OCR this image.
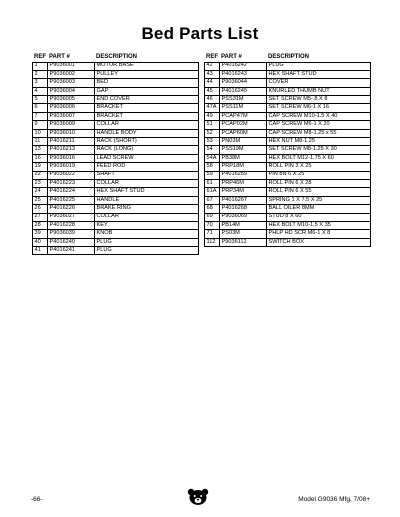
Bed Parts List
REF	PART #	DESCRIPTION
1	P9036001	MOTOR BASE
2	P9036002	PULLEY
3	P9036003	BED
4	P9036004	GAP
5	P9036005	END COVER
6	P9036006	BRACKET
7	P9036007	BRACKET
9	P9036009	COLLAR
10	P9036010	HANDLE BODY
11	P4016211	RACK (SHORT)
13	P4016213	RACK (LONG)
16	P9036016	LEAD SCREW
19	P9036019	FEED ROD
22	P9036022	SHAFT
23	P4016223	COLLAR
24	P4016224	HEX SHAFT STUD
25	P4016225	HANDLE
26	P4016226	BRAKE RING
27	P9036027	COLLAR
28	P4016228	KEY
39	P9036039	KNOB
40	P4016240	PLUG
41	P4016241	PLUG
REF	PART #	DESCRIPTION
42	P4016242	PLUG
43	P4016243	HEX SHAFT STUD
44	P9036044	COVER
45	P4016245	KNURLED THUMB NUT
46	PSS31M	SET SCREW M5-.8 X 8
47A	PSS11M	SET SCREW M6-1 X 16
49	PCAP47M	CAP SCREW M10-1.5 X 40
51	PCAP02M	CAP SCREW M6-1 X 20
52	PCAP60M	CAP SCREW M8-1.25 x 55
53	PN03M	HEX NUT M8-1.25
54	PSS19M	SET SCREW M8-1.25 X 30
54A	PB38M	HEX BOLT M12-1.75 X 60
58	PRP18M	ROLL PIN 3 X 25
59	P4016259	PIN 8N 6 X 25
61	PRP46M	ROLL PIN 6 X 28
61A	PRP34M	ROLL PIN 6 X 55
67	P4016267	SPRING 1 X 7.5 X 25
68	P4016268	BALL OILER 8MM
69	P9036069	STUD 8 X 60
70	PB14M	HEX BOLT M10-1.5 X 35
71	PS03M	PHLP HD SCR M6-1 X 8
112	P9036112	SWITCH BOX
-66-	Model G9036 Mfg. 7/08+
